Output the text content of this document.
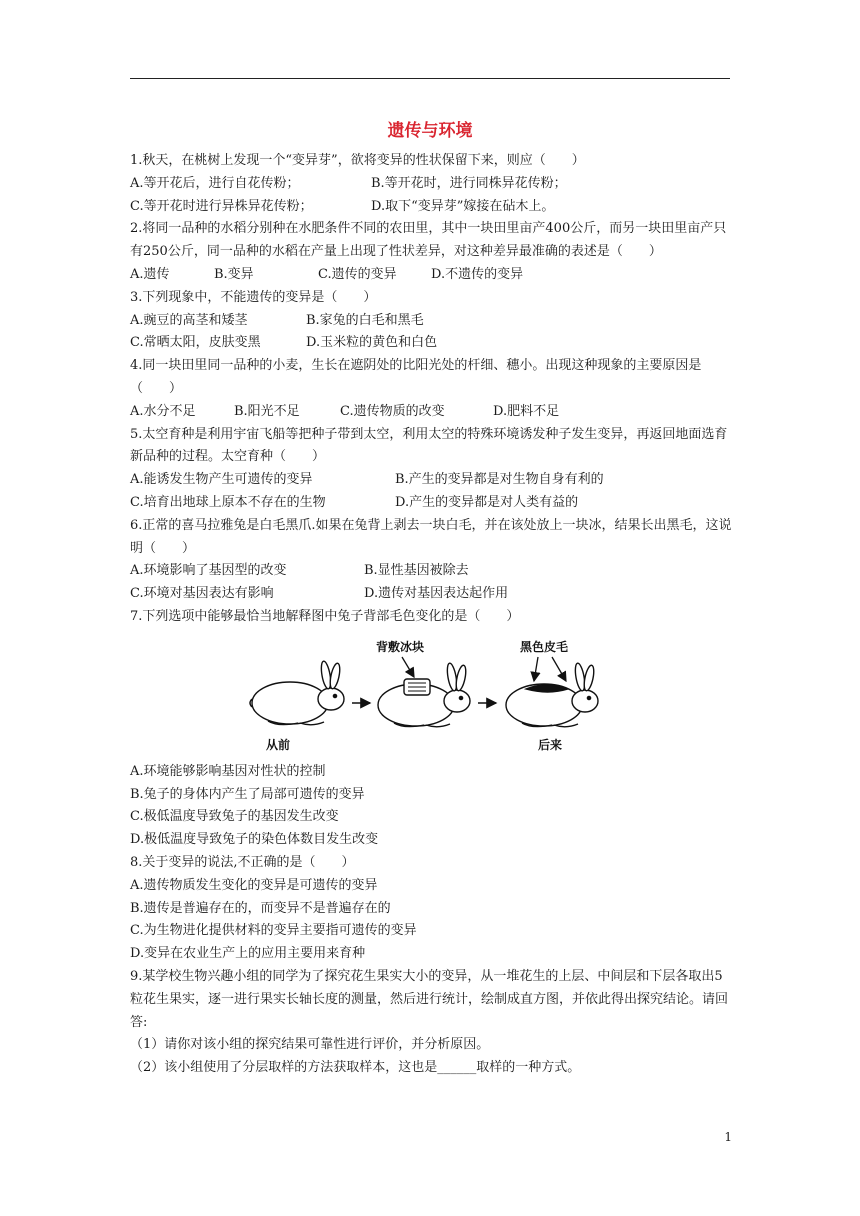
遗传与环境
1.秋天，在桃树上发现一个“变异芽”，欲将变异的性状保留下来，则应（　　）
A.等开花后，进行自花传粉；	B.等开花时，进行同株异花传粉；
C.等开花时进行异株异花传粉；	D.取下“变异芽”嫁接在砧木上。
2.将同一品种的水稻分别种在水肥条件不同的农田里，其中一块田里亩产400公斤，而另一块田里亩产只有250公斤，同一品种的水稻在产量上出现了性状差异，对这种差异最准确的表述是（　　）
A.遗传	B.变异	C.遗传的变异	D.不遗传的变异
3.下列现象中，不能遗传的变异是（　　）
A.豌豆的高茎和矮茎	B.家兔的白毛和黑毛
C.常晒太阳，皮肤变黑	D.玉米粒的黄色和白色
4.同一块田里同一品种的小麦，生长在遮阴处的比阳光处的杆细、穗小。出现这种现象的主要原因是（　　）
A.水分不足	B.阳光不足	C.遗传物质的改变	D.肥料不足
5.太空育种是利用宇宙飞船等把种子带到太空，利用太空的特殊环境诱发种子发生变异，再返回地面选育新品种的过程。太空育种（　　）
A.能诱发生物产生可遗传的变异	B.产生的变异都是对生物自身有利的
C.培育出地球上原本不存在的生物	D.产生的变异都是对人类有益的
6.正常的喜马拉雅兔是白毛黑爪.如果在兔背上剥去一块白毛，并在该处放上一块冰，结果长出黑毛，这说明（　　）
A.环境影响了基因型的改变	B.显性基因被除去
C.环境对基因表达有影响	D.遗传对基因表达起作用
7.下列选项中能够最恰当地解释图中兔子背部毛色变化的是（　　）
背敷冰块	黑色皮毛
从前	后来
A.环境能够影响基因对性状的控制
B.兔子的身体内产生了局部可遗传的变异
C.极低温度导致兔子的基因发生改变
D.极低温度导致兔子的染色体数目发生改变
8.关于变异的说法,不正确的是（　　）
A.遗传物质发生变化的变异是可遗传的变异
B.遗传是普遍存在的，而变异不是普遍存在的
C.为生物进化提供材料的变异主要指可遗传的变异
D.变异在农业生产上的应用主要用来育种
9.某学校生物兴趣小组的同学为了探究花生果实大小的变异，从一堆花生的上层、中间层和下层各取出5粒花生果实，逐一进行果实长轴长度的测量，然后进行统计，绘制成直方图，并依此得出探究结论。请回答:
（1）请你对该小组的探究结果可靠性进行评价，并分析原因。
（2）该小组使用了分层取样的方法获取样本，这也是______取样的一种方式。
1
